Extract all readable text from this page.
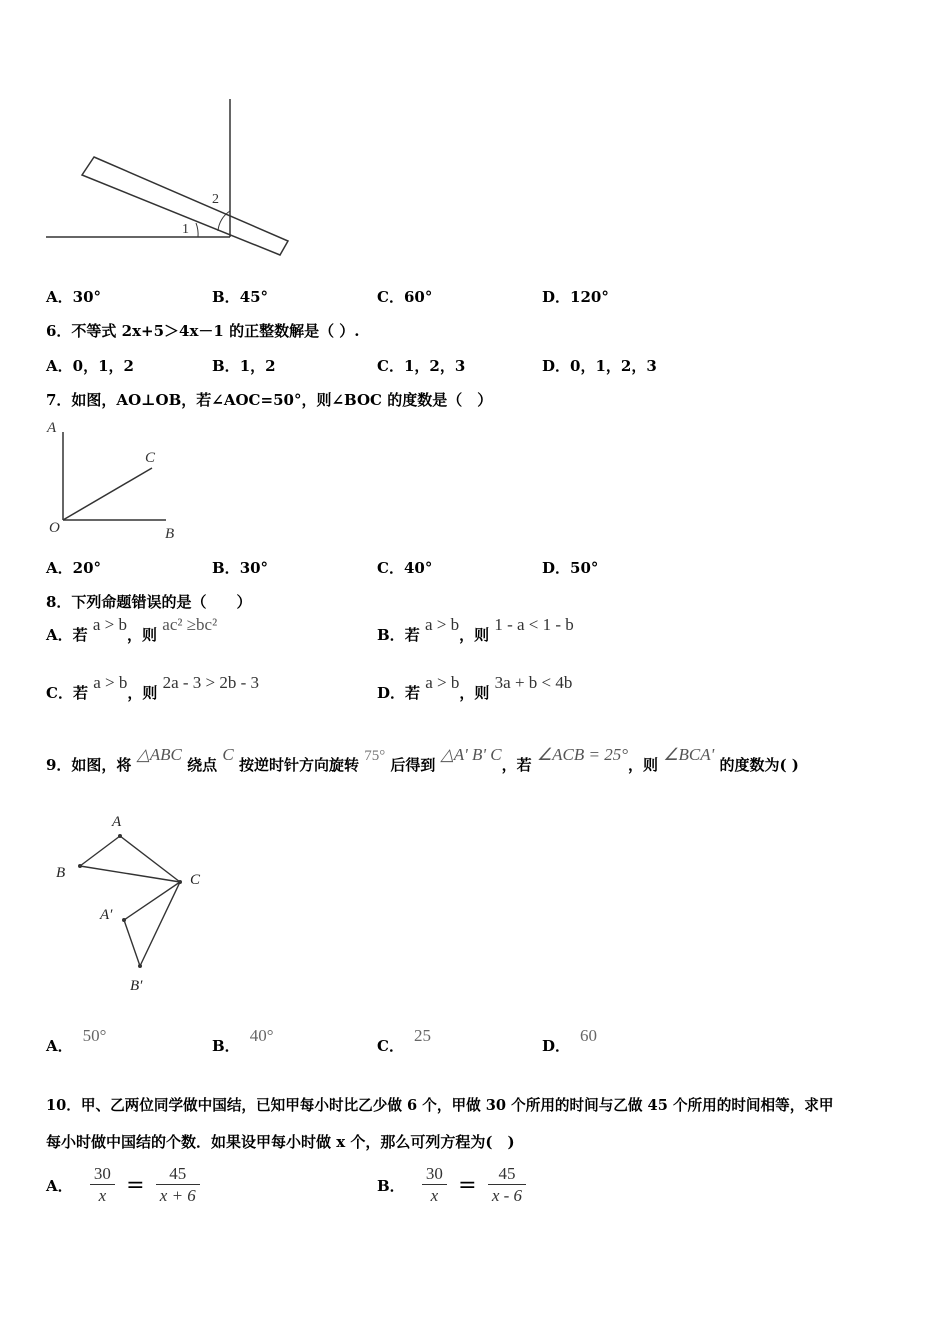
1
2
A．30°	B．45°	C．60°	D．120°
6．不等式 2x+5＞4x－1 的正整数解是（ ）.
A．0，1，2	B．1，2	C．1，2，3	D．0，1，2，3
7．如图，AO⊥OB，若∠AOC=50°，则∠BOC 的度数是（　）
A
C
O	B
A．20°	B．30°	C．40°	D．50°
8．下列命题错误的是（　　）
A．若 a > b，则 ac² ≥bc²
B．若 a > b，则 1 - a < 1 - b
C．若 a > b，则 2a - 3 > 2b - 3
D．若 a > b，则 3a + b < 4b
9．如图，将 △ABC 绕点 C 按逆时针方向旋转 75° 后得到 △A' B' C，若 ∠ACB = 25°，则 ∠BCA' 的度数为( )
A
B	C
A′
B′
A．50°
B．40°
C．25
D．60
10．甲、乙两位同学做中国结，已知甲每小时比乙少做 6 个，甲做 30 个所用的时间与乙做 45 个所用的时间相等，求甲
每小时做中国结的个数．如果设甲每小时做 x 个，那么可列方程为(　)
A． $\frac{30}{x} = \frac{45}{x + 6}$	B． $\frac{30}{x} = \frac{45}{x - 6}$
